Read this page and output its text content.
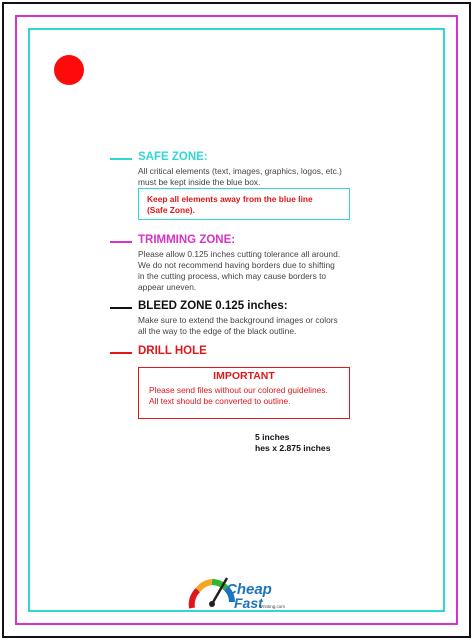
SAFE ZONE:
All critical elements (text, images, graphics, logos, etc.)
must be kept inside the blue box.
Keep all elements away from the blue line
(Safe Zone).
TRIMMING ZONE:
Please allow 0.125 inches cutting tolerance all around.
We do not recommend having borders due to shifting
in the cutting process, which may cause borders to
appear uneven.
BLEED ZONE 0.125 inches:
Make sure to extend the background images or colors
all the way to the edge of the black outline.
DRILL HOLE
IMPORTANT
Please send files without our colored guidelines.
All text should be converted to outline.
5 inches
hes x 2.875 inches
Cheap
Fast
Printing.com
